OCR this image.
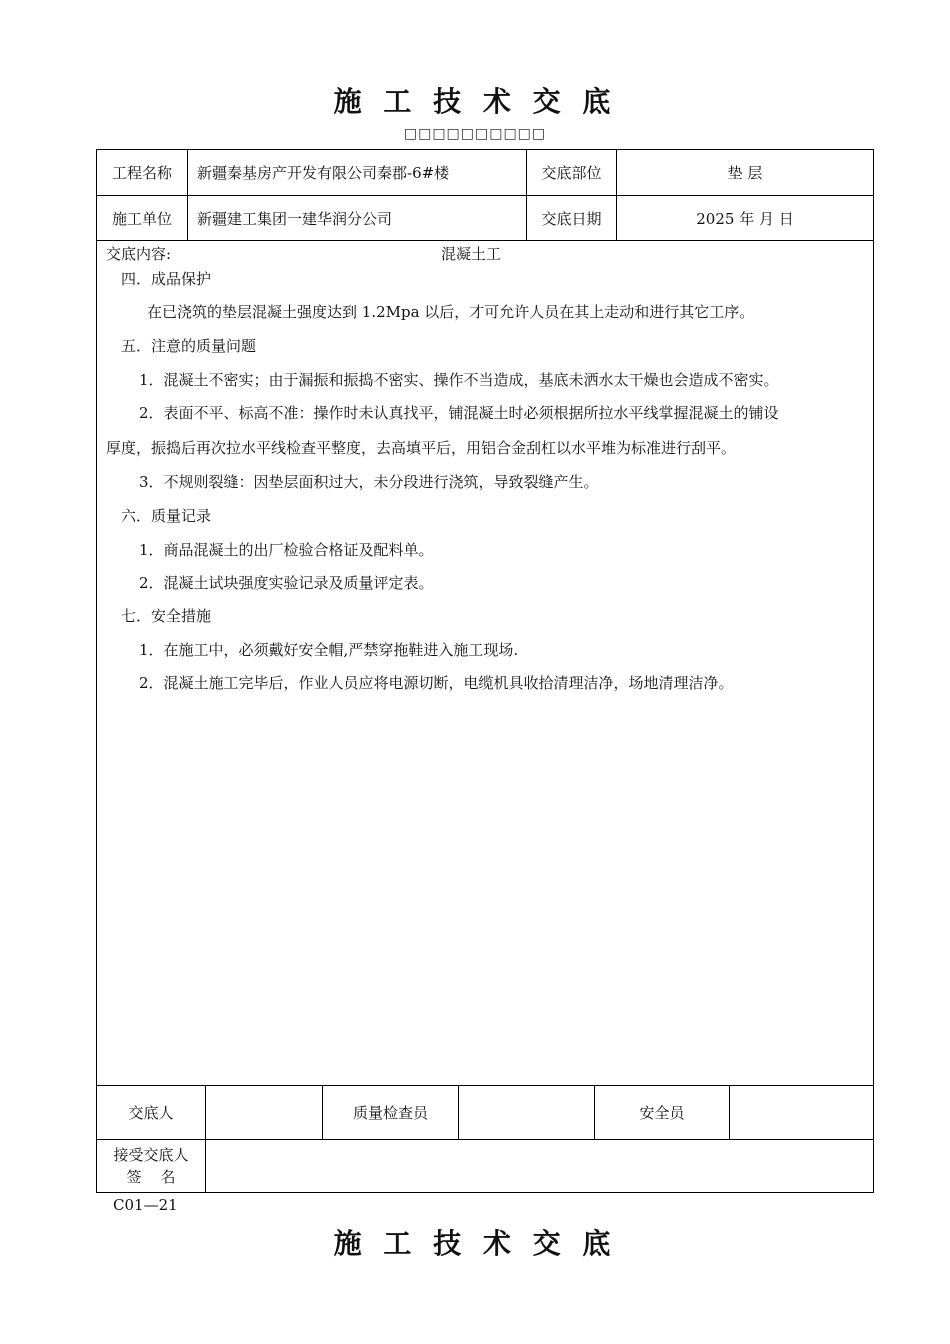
施 工 技 术 交 底
□□□□□□□□□□
工程名称	新疆秦基房产开发有限公司秦郡-6#楼	交底部位	垫 层
施工单位	新疆建工集团一建华润分公司	交底日期	2025 年 月 日
交底内容:	混凝土工
四．成品保护
在已浇筑的垫层混凝土强度达到 1.2Mpa 以后，才可允许人员在其上走动和进行其它工序。
五．注意的质量问题
1．混凝土不密实；由于漏振和振捣不密实、操作不当造成，基底未洒水太干燥也会造成不密实。
2．表面不平、标高不准：操作时未认真找平，铺混凝土时必须根据所拉水平线掌握混凝土的铺设
厚度，振捣后再次拉水平线检查平整度，去高填平后，用铝合金刮杠以水平堆为标准进行刮平。
3．不规则裂缝：因垫层面积过大，未分段进行浇筑，导致裂缝产生。
六．质量记录
1．商品混凝土的出厂检验合格证及配料单。
2．混凝土试块强度实验记录及质量评定表。
七．安全措施
1．在施工中，必须戴好安全帽,严禁穿拖鞋进入施工现场.
2．混凝土施工完毕后，作业人员应将电源切断，电缆机具收拾清理洁净，场地清理洁净。
交底人	质量检查员	安全员
接受交底人
签    名
C01—21
施 工 技 术 交 底
